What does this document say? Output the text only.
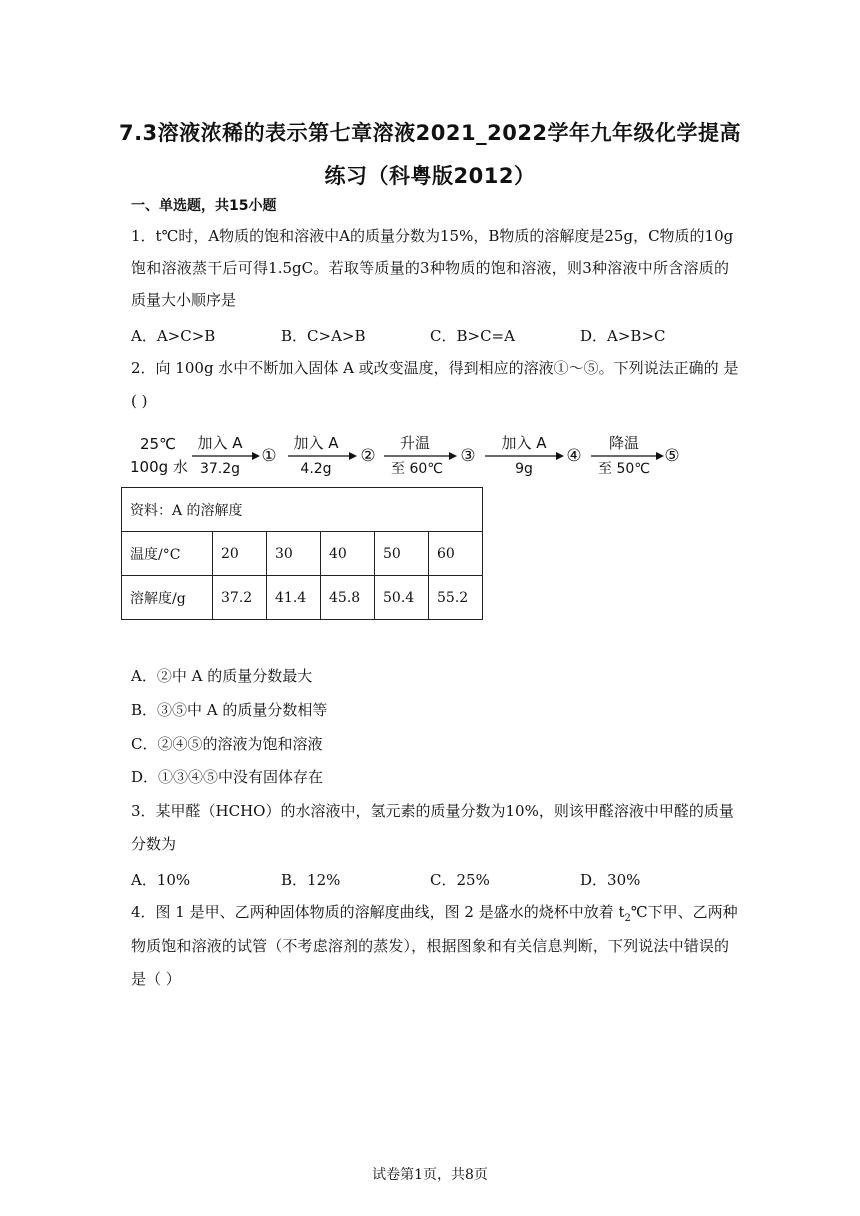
7.3溶液浓稀的表示第七章溶液2021_2022学年九年级化学提高
练习（科粤版2012）
一、单选题，共15小题
1．t℃时，A物质的饱和溶液中A的质量分数为15%，B物质的溶解度是25g，C物质的10g
饱和溶液蒸干后可得1.5gC。若取等质量的3种物质的饱和溶液，则3种溶液中所含溶质的
质量大小顺序是
A．A>C>B	B．C>A>B	C．B>C=A	D．A>B>C
2．向 100g 水中不断加入固体 A 或改变温度，得到相应的溶液①～⑤。下列说法正确的 是
( )
25℃
100g 水
加入 A
37.2g
①
加入 A
4.2g
②
升温
至 60℃
③
加入 A
9g
④
降温
至 50℃
⑤
资料：A 的溶解度					
温度/°C	20	30	40	50	60
溶解度/g	37.2	41.4	45.8	50.4	55.2
A．②中 A 的质量分数最大
B．③⑤中 A 的质量分数相等
C．②④⑤的溶液为饱和溶液
D．①③④⑤中没有固体存在
3．某甲醛（HCHO）的水溶液中，氢元素的质量分数为10%，则该甲醛溶液中甲醛的质量
分数为
A．10%	B．12%	C．25%	D．30%
4．图 1 是甲、乙两种固体物质的溶解度曲线，图 2 是盛水的烧杯中放着 $t_2℃$下甲、乙两种
物质饱和溶液的试管（不考虑溶剂的蒸发），根据图象和有关信息判断，下列说法中错误的
是（ ）
试卷第1页，共8页
